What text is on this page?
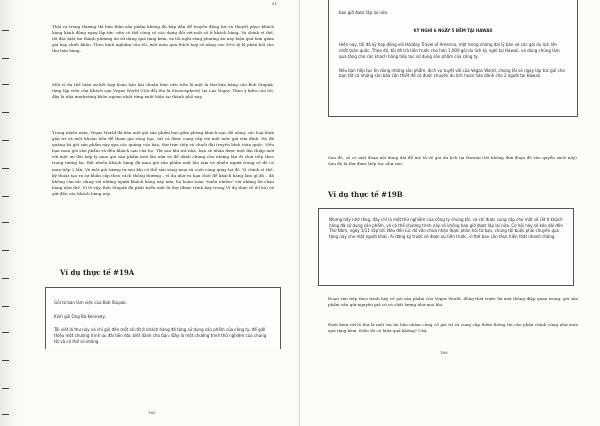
Thật ra trong thương thì bán thân sản phẩm không đủ hấp dẫn để truyền động lực và thuyết phục khách hàng hành động ngay lập tức, nên có thể cũng có cặc dụng đối với một số ít khách hàng. Và chính vì thế, tôi đặc biệt tin thành phương án sử dụng quà tặng kèm, và tôi nghĩ rằng phương án này hiệu quả hơn giảm giá hay chiết khấu. Theo kinh nghiệm của tôi, một món quà thích hợp sẽ nâng cao 50% tỷ lệ phản hồi cho thư bán hàng.

Một ví dụ thể hiện sự kết hợp hoàn hảo hai chuẩn lược nêu trên là một lá thư bán hàng của Bob Stupak, từng lập viên của Khách sạn Vegas World (Giờ đổi tên là Stratosphere) tại Las Vegas. Theo ý kiến của tôi, đây là nhà marketing khôn ngoan nhất từng xuất hiện tại thành phố này.

Trong nhiều năm, Vegas World đã bán một gói sản phẩm bao gồm phòng khách sạn, đồ uống, các loại hình giải trí và một khoản tiền để tham gia sòng bạc, tất cả được cung cấp với một mức giá vừa định. Họ đã quảng bá gói sản phẩm này qua các quảng cáo báo, thư trực tiếp và chuỗi đài truyền hình toàn quốc. Nếu bạn mua gói sản phẩm và đến khách sạn của họ. Thì sau khi trả nhà, bạn sẽ nhận được một lần thiệp mời với một ưu đãi hợp lý mua gói sản phẩm mới lần nữa và để dành chúng cho những lần đi chơi tiếp theo trong tương lai. Rất nhiều khách hàng đã mua gói sản phẩm một lần nữa và nhiều người trong số đó có mua tiếp 2 lần. Và một gói tương tự sau khi có thể sẵn sàng mua và cuối cùng quay lại đó. Vì chính vì thế, kỹ thuật tạo ra sự khẩn cấp theo cách thông thường – ví dụ như ra hạn chót để khách hàng làm gì đó – đã không còn tác dụng với những người khách hàng này nữa, họ hoàn toàn "miễn nhiễm" với những lời chào hàng như thế. Vì lẽ vậy, Bob Stupak đã phát triển một lá thư (được trình bày trong Ví dụ thực tế #19A) và gửi đến các khách hàng này.

Ví dụ thực tế #19A

Gửi từ bàn làm việc của Bob Stupak.

Kính gửi Ông Bà Kennedy,

Tôi viết lá thư này và chỉ gửi đến một số rất ít khách hàng đã từng sử dụng sản phẩm của công ty, để giới thiệu một chương trình ưu đãi tiền đặc biệt dành cho bạn. Đây là một chương trình thử nghiệm của chúng tôi và có thể sẽ không

165

bao giờ được lặp lại nữa.

KỲ NGHỈ 6 NGÀY 5 ĐÊM TẠI HAWAII

Hiện nay, tôi đã ký hợp đồng với Holiday Travel of America, một trong những đại lý bán vé các gói du lịch lớn nhất toàn quốc. Theo đó, tôi đã trả tiền trước cho hơn 1.000 gói du lịch kỳ nghỉ tại Hawaii, và dùng chúng làm quà tặng cho các khách hàng tiếp tục sử dụng sản phẩm của công ty.

Nếu bạn tiếp tục tin dùng những sản phẩm, dịch vụ tuyệt vời của Vegas World, chúng tôi sẽ ngay lập tức gửi cho bạn tất cả những sản bảo cần thiết để có được chuyến du lịch hoàn hảo dành cho 2 người tại Hawaii.

Sau đó, số có một đoạn nội dung dài để mô tả về gói du lịch tại Hawaii (tôi không đưa đoạn đó vào quyển sách này). Sau đó là thư được tiếp tục như sau:

Ví dụ thực tế #19B

Nhưng hãy nhớ rằng, đây chỉ là một thử nghiệm của công ty chúng tôi, và chỉ được cung cấp cho một số rất ít khách hàng đã sử dụng sản phẩm, và có thể chương trình này sẽ không bao giờ được lặp lại nữa. Cơ hội này sẽ kéo dài đến Thứ Năm, ngày 1/11 sắp tới. Nếu đến lúc đó vẫn chưa nhận được phản hồi từ bạn, chúng tôi buộc phải chuyển quà tặng này cho một người khác. Ai đăng ký trước sẽ được ưu tiên trước, vì thế bạn cần thực hiện thật nhanh chóng.

Đoạn văn tiếp theo trình bày về gói sản phẩm của Vegas World, đồng thời trước lời mời thông điệp quan trọng: gói sản phẩm vẫn giữ nguyên giá cũ và chất lượng như mọi khi.

Đính kèm với lá thư là một vài tài liệu nhằm củng cố giá trị và cung cấp thêm thông tin cho phần chính cùng như món quà tặng kèm. Điều đó có hiệu quả không? Chà,

166
81
